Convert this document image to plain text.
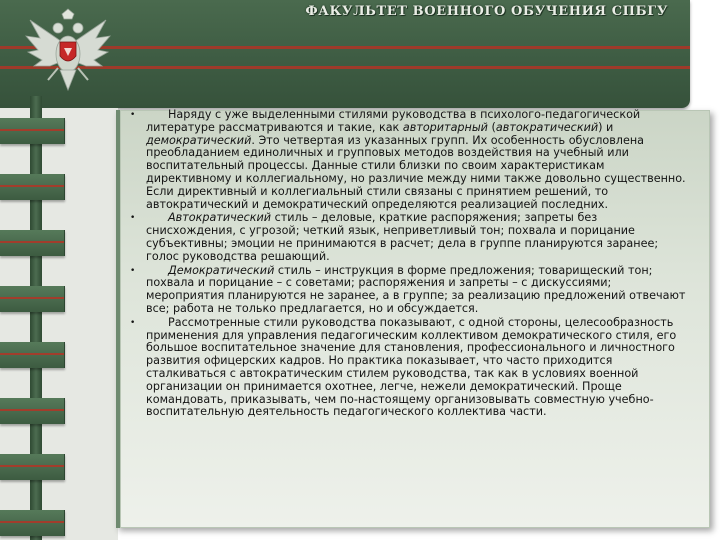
ФАКУЛЬТЕТ ВОЕННОГО ОБУЧЕНИЯ СПБГУ
•	Наряду с уже выделенными стилями руководства в психолого-педагогической литературе рассматриваются и такие, как авторитарный (автократический) и демократический. Это четвертая из указанных групп. Их особенность обусловлена преобладанием единоличных и групповых методов воздействия на учебный или воспитательный процессы. Данные стили близки по своим характеристикам директивному и коллегиальному, но различие между ними также довольно существенно. Если директивный и коллегиальный стили связаны с принятием решений, то автократический и демократический определяются реализацией последних.
•	Автократический стиль – деловые, краткие распоряжения; запреты без снисхождения, с угрозой; четкий язык, неприветливый тон; похвала и порицание субъективны; эмоции не принимаются в расчет; дела в группе планируются заранее; голос руководства решающий.
•	Демократический стиль – инструкция в форме предложения; товарищеский тон; похвала и порицание – с советами; распоряжения и запреты – с дискуссиями; мероприятия планируются не заранее, а в группе; за реализацию предложений отвечают все; работа не только предлагается, но и обсуждается.
•	Рассмотренные стили руководства показывают, с одной стороны, целесообразность применения для управления педагогическим коллективом демократического стиля, его большое воспитательное значение для становления, профессионального и личностного развития офицерских кадров. Но практика показывает, что часто приходится сталкиваться с автократическим стилем руководства, так как в условиях военной организации он принимается охотнее, легче, нежели демократический. Проще командовать, приказывать, чем по-настоящему организовывать совместную учебно-воспитательную деятельность педагогического коллектива части.
